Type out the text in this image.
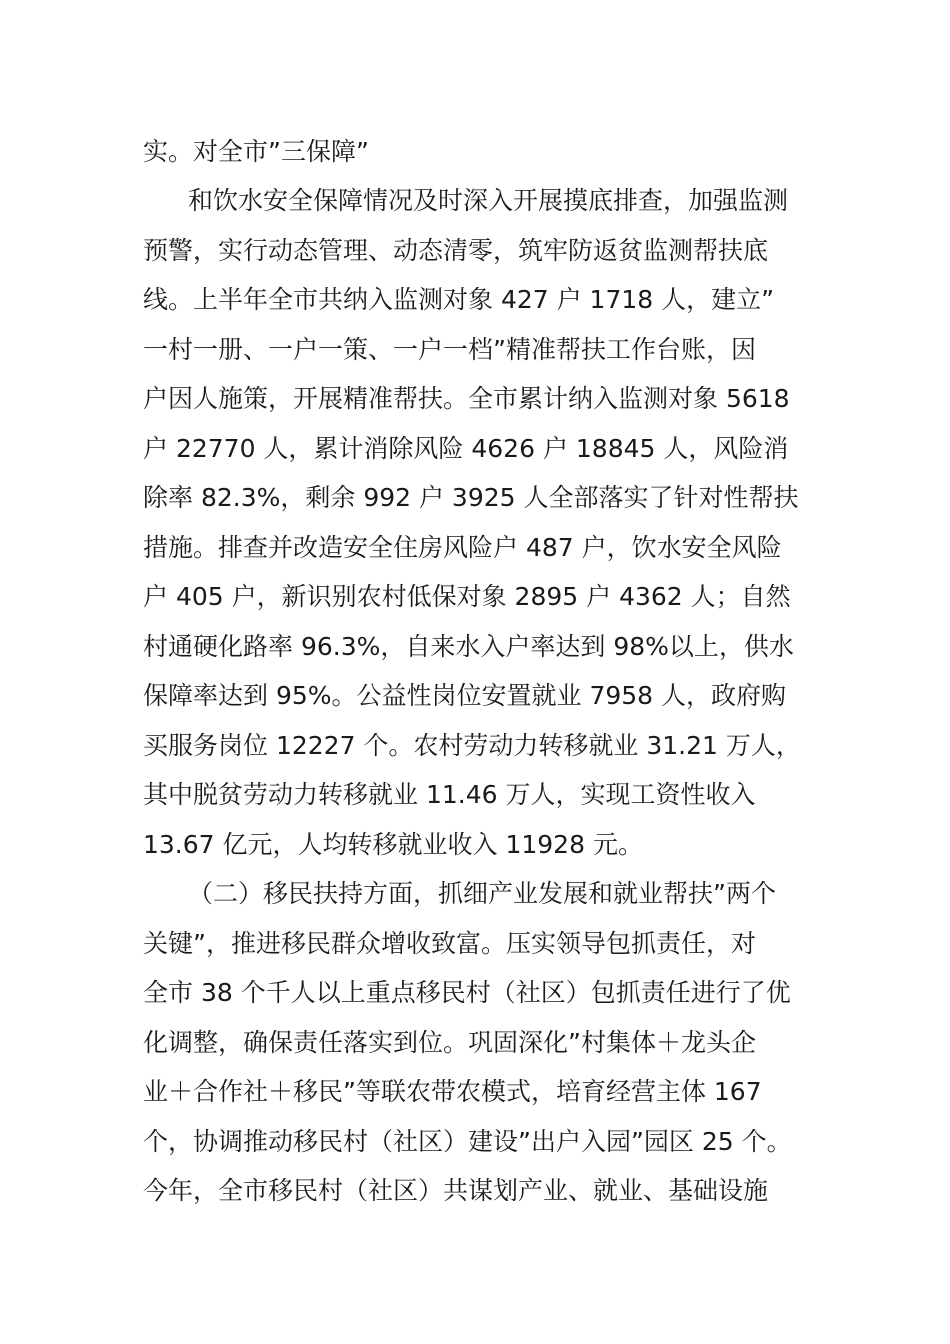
实。对全市”三保障”
和饮水安全保障情况及时深入开展摸底排查，加强监测
预警，实行动态管理、动态清零，筑牢防返贫监测帮扶底
线。上半年全市共纳入监测对象 427 户 1718 人，建立”
一村一册、一户一策、一户一档”精准帮扶工作台账，因
户因人施策，开展精准帮扶。全市累计纳入监测对象 5618
户 22770 人，累计消除风险 4626 户 18845 人，风险消
除率 82.3%，剩余 992 户 3925 人全部落实了针对性帮扶
措施。排查并改造安全住房风险户 487 户，饮水安全风险
户 405 户，新识别农村低保对象 2895 户 4362 人；自然
村通硬化路率 96.3%，自来水入户率达到 98%以上，供水
保障率达到 95%。公益性岗位安置就业 7958 人，政府购
买服务岗位 12227 个。农村劳动力转移就业 31.21 万人，
其中脱贫劳动力转移就业 11.46 万人，实现工资性收入
13.67 亿元，人均转移就业收入 11928 元。
（二）移民扶持方面，抓细产业发展和就业帮扶”两个
关键”，推进移民群众增收致富。压实领导包抓责任，对
全市 38 个千人以上重点移民村（社区）包抓责任进行了优
化调整，确保责任落实到位。巩固深化”村集体＋龙头企
业＋合作社＋移民”等联农带农模式，培育经营主体 167
个，协调推动移民村（社区）建设”出户入园”园区 25 个。
今年，全市移民村（社区）共谋划产业、就业、基础设施
